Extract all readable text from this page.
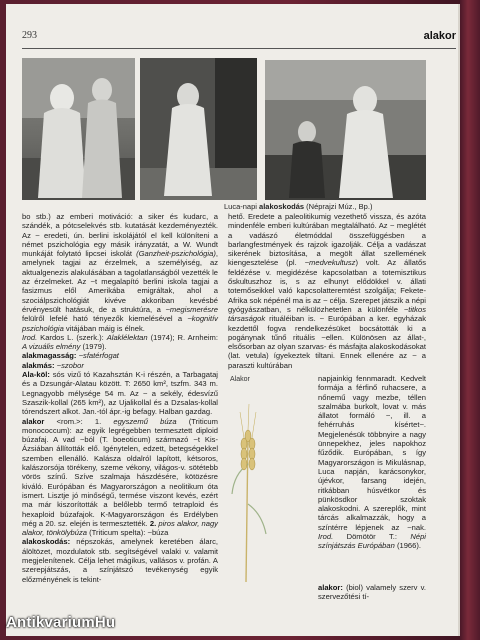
293	alakor
Luca-napi alakoskodás (Néprajzi Múz., Bp.)

bo stb.) az emberi motiváció: a siker és kudarc, a szándék, a pótcselekvés stb. kutatását kezdeményezték. Az ~ eredeti, ún. berlini iskolájától el kell különíteni a német pszichológia egy másik irányzatát, a W. Wundt munkáját folytató lipcsei iskolát (Ganzheit-pszichológia), amelynek tagjai az érzelmek, a személyiség, az aktualgenezis alakulásában a tagolatlanságból vezették le az érzelmeket. Az ~t megalapító berlini iskola tagjai a fasizmus elől Amerikába emigráltak, ahol a szociálpszichológiát kivéve akkoriban kevésbé érvényesült hatásuk, de a struktúra, a ~megismerésre felülről lefelé ható tényezők kiemelésével a ~kognitív pszichológia vitájában máig is élnek.

Irod. Kardos L. (szerk.): Alaklélektan (1974); R. Arnheim: A vizuális elmény (1979).

alakmagasság: ~sfatérfogat

alakmás: ~szobor

Ala-köl: sós vizű tó Kazahsztán K-i részén, a Tarbagataj és a Dzsungár-Alatau között. T: 2650 km², tszfm. 343 m. Legnagyobb mélysége 54 m. Az ~ a sekély, édesvízű Szaszik-kollal (265 km²), az Ujalikollal és a Dzsalas-kollal tórendszert alkot. Jan.-tól ápr.-ig befagy. Halban gazdag.

alakor <rom.>: 1. egyszemű búza (Triticum monococcum): az egyik legrégebben termesztett diploid búzafaj. A vad ~ból (T. boeoticum) származó ~t Kis-Ázsiában állították elő. Igénytelen, edzett, betegségekkel szemben ellenálló. Kalásza oldalról lapított, kétsoros, kalászorsója törékeny, szeme vékony, világos-v. sötétebb vörös színű. Szíve szalmaja hászdésére, kötözésre kiváló. Európában és Magyarországon a neolitikum óta ismert. Lisztje jó minőségű, termése viszont kevés, ezért ma már kiszorították a belőlebb termő tetraploid és hexaploid búzafajok. K-Magyarországon és Erdélyben még a 20. sz. elején is termesztették. 2. piros alakor, nagy alakor, tönkölybúza (Triticum spelta): ~búza

alakoskodás: népszokás, amelynek keretében álarc, álöltözet, mozdulatok stb. segítségével valaki v. valamit megjelenítenek. Célja lehet mágikus, vallásos v. profán. A szerepjátszás, a színjátszó tevékenység egyik előzményének is tekint-

hető. Eredete a paleolitikumig vezethető vissza, és azóta mindenféle emberi kultúrában megtalálható. Az ~ meglétét a vadászó életmóddal összefüggésben a barlangfestmények és rajzok igazolják. Célja a vadászat sikerének biztosítása, a megölt állat szellemének kiengesztelése (pl. ~medvekultusz) volt. Az állatős feldézése v. megidézése kapcsolatban a totemisztikus őskultuszhoz is, s az elhunyt elődökkel v. állati totemőseikkel való kapcsolatteremtést szolgálja; Fekete-Afrika sok népénél ma is az ~ célja. Szerepet játszik a népi gyógyászatban, s nélkülözhetetlen a különféle ~titkos társaságok rituáléiban is. ~ Európában a ker. egyházak kezdettől fogva rendelkezésüket bocsátották ki a pogánynak tűnő rituális ~ellen. Különösen az állat-, elsősorban az olyan szarvas- és másfajta alakoskodásokat (lat. vetula) ígyekeztek tiltani. Ennek ellenére az ~ a paraszti kultúrában

Alakor	napjainkig fennmaradt. Kedvelt formája a férfinő ruhacsere, a nőnemű vagy mezbe, téllen szalmába burkolt, lovat v. más állatot formáló ~, ill. a fehérruhás kísértet~. Megjelenésük többnyire a nagy ünnepekhez, jeles napokhoz fűződik. Európában, s így Magyarországon is Mikulásnap, Luca napján, karácsonykor, újévkor, farsang idején, ritkábban húsvétkor és pünkösdkor szoktak alakoskodni. A szereplők, mint tárcás alkalmazzák, hogy a színtérre lépjenek az ~nak. Irod. Dömötör T.: Népi színjátszás Európában (1966).
alakor: (biol) valamely szerv v. szervezőtési tí-
AntikvariumHu
